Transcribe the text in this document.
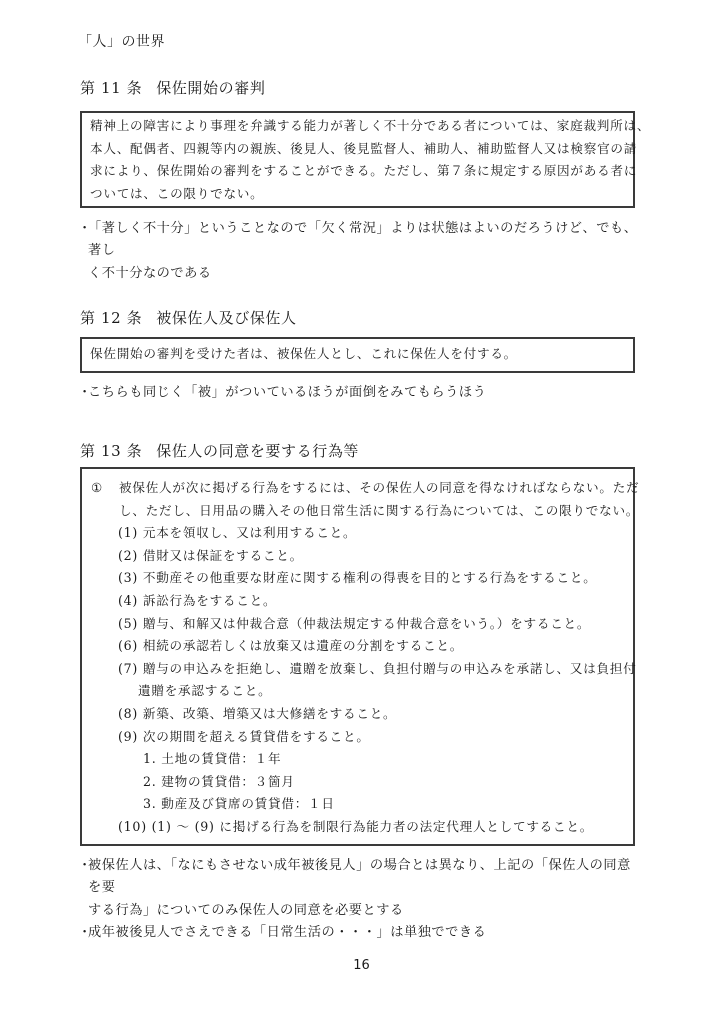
「人」の世界
第 11 条 保佐開始の審判
精神上の障害により事理を弁識する能力が著しく不十分である者については、家庭裁判所は、
本人、配偶者、四親等内の親族、後見人、後見監督人、補助人、補助監督人又は検察官の請
求により、保佐開始の審判をすることができる。ただし、第７条に規定する原因がある者に
ついては、この限りでない。
・
「著しく不十分」ということなので「欠く常況」よりは状態はよいのだろうけど、でも、著し
く不十分なのである
第 12 条 被保佐人及び保佐人
保佐開始の審判を受けた者は、被保佐人とし、これに保佐人を付する。
・
こちらも同じく「被」がついているほうが面倒をみてもらうほう
第 13 条 保佐人の同意を要する行為等
①	被保佐人が次に掲げる行為をするには、その保佐人の同意を得なければならない。ただ
し、ただし、日用品の購入その他日常生活に関する行為については、この限りでない。
(1) 元本を領収し、又は利用すること。
(2) 借財又は保証をすること。
(3) 不動産その他重要な財産に関する権利の得喪を目的とする行為をすること。
(4) 訴訟行為をすること。
(5) 贈与、和解又は仲裁合意（仲裁法規定する仲裁合意をいう。）をすること。
(6) 相続の承認若しくは放棄又は遺産の分割をすること。
(7) 贈与の申込みを拒絶し、遺贈を放棄し、負担付贈与の申込みを承諾し、又は負担付
遺贈を承認すること。
(8) 新築、改築、増築又は大修繕をすること。
(9) 次の期間を超える賃貸借をすること。
1. 土地の賃貸借：１年
2. 建物の賃貸借：３箇月
3. 動産及び貸席の賃貸借：１日
(10) (1) ～ (9) に掲げる行為を制限行為能力者の法定代理人としてすること。
・
被保佐人は、「なにもさせない成年被後見人」の場合とは異なり、上記の「保佐人の同意を要
する行為」についてのみ保佐人の同意を必要とする
・
成年被後見人でさえできる「日常生活の・・・」は単独でできる
16
